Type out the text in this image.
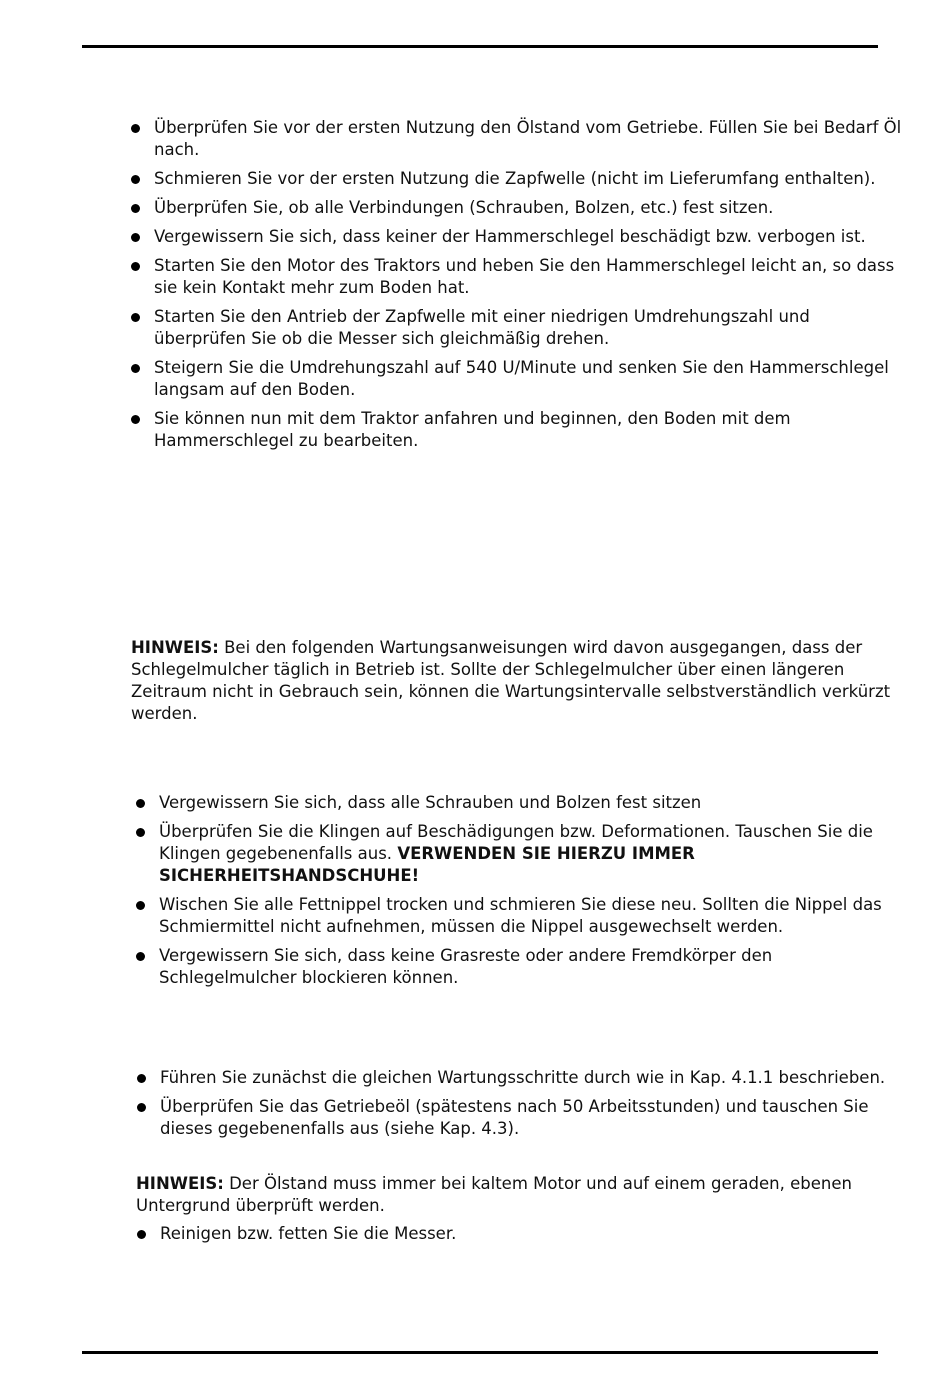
Überprüfen Sie vor der ersten Nutzung den Ölstand vom Getriebe. Füllen Sie bei Bedarf Öl nach.
Schmieren Sie vor der ersten Nutzung die Zapfwelle (nicht im Lieferumfang enthalten).
Überprüfen Sie, ob alle Verbindungen (Schrauben, Bolzen, etc.) fest sitzen.
Vergewissern Sie sich, dass keiner der Hammerschlegel beschädigt bzw. verbogen ist.
Starten Sie den Motor des Traktors und heben Sie den Hammerschlegel leicht an, so dass sie kein Kontakt mehr zum Boden hat.
Starten Sie den Antrieb der Zapfwelle mit einer niedrigen Umdrehungszahl und überprüfen Sie ob die Messer sich gleichmäßig drehen.
Steigern Sie die Umdrehungszahl auf 540 U/Minute und senken Sie den Hammerschlegel langsam auf den Boden.
Sie können nun mit dem Traktor anfahren und beginnen, den Boden mit dem Hammerschlegel zu bearbeiten.

HINWEIS: Bei den folgenden Wartungsanweisungen wird davon ausgegangen, dass der Schlegelmulcher täglich in Betrieb ist. Sollte der Schlegelmulcher über einen längeren Zeitraum nicht in Gebrauch sein, können die Wartungsintervalle selbstverständlich verkürzt werden.

Vergewissern Sie sich, dass alle Schrauben und Bolzen fest sitzen
Überprüfen Sie die Klingen auf Beschädigungen bzw. Deformationen. Tauschen Sie die Klingen gegebenenfalls aus. VERWENDEN SIE HIERZU IMMER SICHERHEITSHANDSCHUHE!
Wischen Sie alle Fettnippel trocken und schmieren Sie diese neu. Sollten die Nippel das Schmiermittel nicht aufnehmen, müssen die Nippel ausgewechselt werden.
Vergewissern Sie sich, dass keine Grasreste oder andere Fremdkörper den Schlegelmulcher blockieren können.
Führen Sie zunächst die gleichen Wartungsschritte durch wie in Kap. 4.1.1 beschrieben.
Überprüfen Sie das Getriebeöl (spätestens nach 50 Arbeitsstunden) und tauschen Sie dieses gegebenenfalls aus (siehe Kap. 4.3).

HINWEIS: Der Ölstand muss immer bei kaltem Motor und auf einem geraden, ebenen Untergrund überprüft werden.

Reinigen bzw. fetten Sie die Messer.
